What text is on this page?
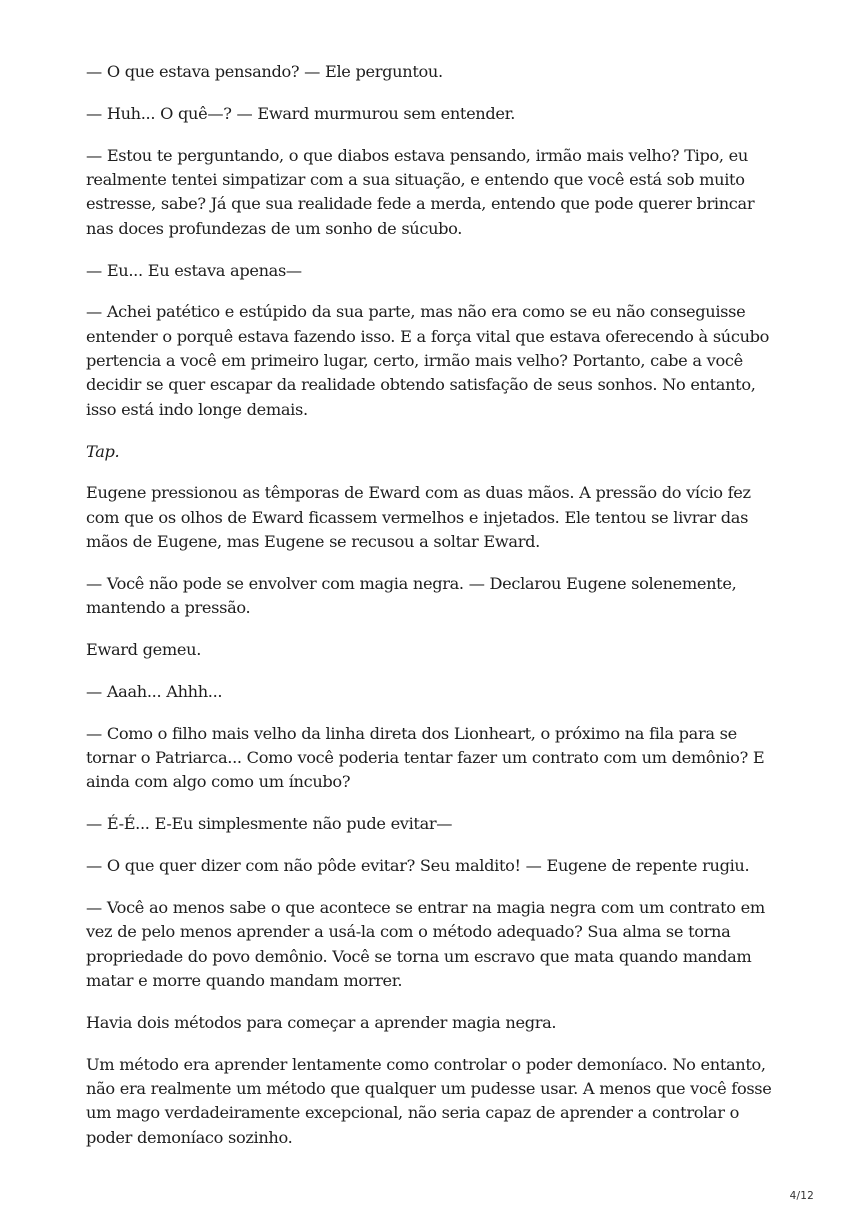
— O que estava pensando? — Ele perguntou.

— Huh... O quê—? — Eward murmurou sem entender.

— Estou te perguntando, o que diabos estava pensando, irmão mais velho? Tipo, eu realmente tentei simpatizar com a sua situação, e entendo que você está sob muito estresse, sabe? Já que sua realidade fede a merda, entendo que pode querer brincar nas doces profundezas de um sonho de súcubo.

— Eu... Eu estava apenas—

— Achei patético e estúpido da sua parte, mas não era como se eu não conseguisse entender o porquê estava fazendo isso. E a força vital que estava oferecendo à súcubo pertencia a você em primeiro lugar, certo, irmão mais velho? Portanto, cabe a você decidir se quer escapar da realidade obtendo satisfação de seus sonhos. No entanto, isso está indo longe demais.

Tap.

Eugene pressionou as têmporas de Eward com as duas mãos. A pressão do vício fez com que os olhos de Eward ficassem vermelhos e injetados. Ele tentou se livrar das mãos de Eugene, mas Eugene se recusou a soltar Eward.

— Você não pode se envolver com magia negra. — Declarou Eugene solenemente, mantendo a pressão.

Eward gemeu.

— Aaah... Ahhh...

— Como o filho mais velho da linha direta dos Lionheart, o próximo na fila para se tornar o Patriarca... Como você poderia tentar fazer um contrato com um demônio? E ainda com algo como um íncubo?

— É-É... E-Eu simplesmente não pude evitar—

— O que quer dizer com não pôde evitar? Seu maldito! — Eugene de repente rugiu.

— Você ao menos sabe o que acontece se entrar na magia negra com um contrato em vez de pelo menos aprender a usá-la com o método adequado? Sua alma se torna propriedade do povo demônio. Você se torna um escravo que mata quando mandam matar e morre quando mandam morrer.

Havia dois métodos para começar a aprender magia negra.

Um método era aprender lentamente como controlar o poder demoníaco. No entanto, não era realmente um método que qualquer um pudesse usar. A menos que você fosse um mago verdadeiramente excepcional, não seria capaz de aprender a controlar o poder demoníaco sozinho.

4/12
